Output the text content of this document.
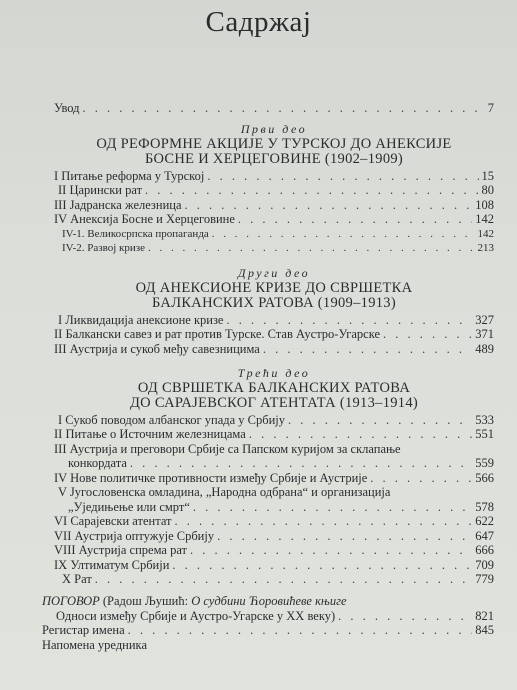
Садржај
Увод . . .	7
Први део
ОД РЕФОРМНЕ АКЦИЈЕ У ТУРСКОЈ ДО АНЕКСИЈЕ
БОСНЕ И ХЕРЦЕГОВИНЕ (1902–1909)
I Питање реформа у Турској . . .	15
II Царински рат . . .	80
III Јадранска железница . . .	108
IV Анексија Босне и Херцеговине . . .	142
IV-1. Великосрпска пропаганда . . .	142
IV-2. Развој кризе . . .	213
Други део
ОД АНЕКСИОНЕ КРИЗЕ ДО СВРШЕТКА
БАЛКАНСКИХ РАТОВА (1909–1913)
I Ликвидација анексионе кризе . . .	327
II Балкански савез и рат против Турске. Став Аустро-Угарске . . .	371
III Аустрија и сукоб међу савезницима . . .	489
Трећи део
ОД СВРШЕТКА БАЛКАНСКИХ РАТОВА
ДО САРАЈЕВСКОГ АТЕНТАТА (1913–1914)
I Сукоб поводом албанског упада у Србију . . .	533
II Питање о Источним железницама . . .	551
III Аустрија и преговори Србије са Папском куријом за склапање
конкордата . . .	559
IV Нове политичке противности између Србије и Аустрије . . .	566
V Југословенска омладина, „Народна одбрана“ и организација
„Уједињење или смрт“ . . .	578
VI Сарајевски атентат . . .	622
VII Аустрија оптужује Србију . . .	647
VIII Аустрија спрема рат . . .	666
IX Ултиматум Србији . . .	709
X Рат . . .	779
ПОГОВОР (Радош Љушић: О судбини Ћоровићеве књиге
Односи између Србије и Аустро-Угарске у XX веку) . . .	821
Регистар имена . . .	845
Напомена уредника
